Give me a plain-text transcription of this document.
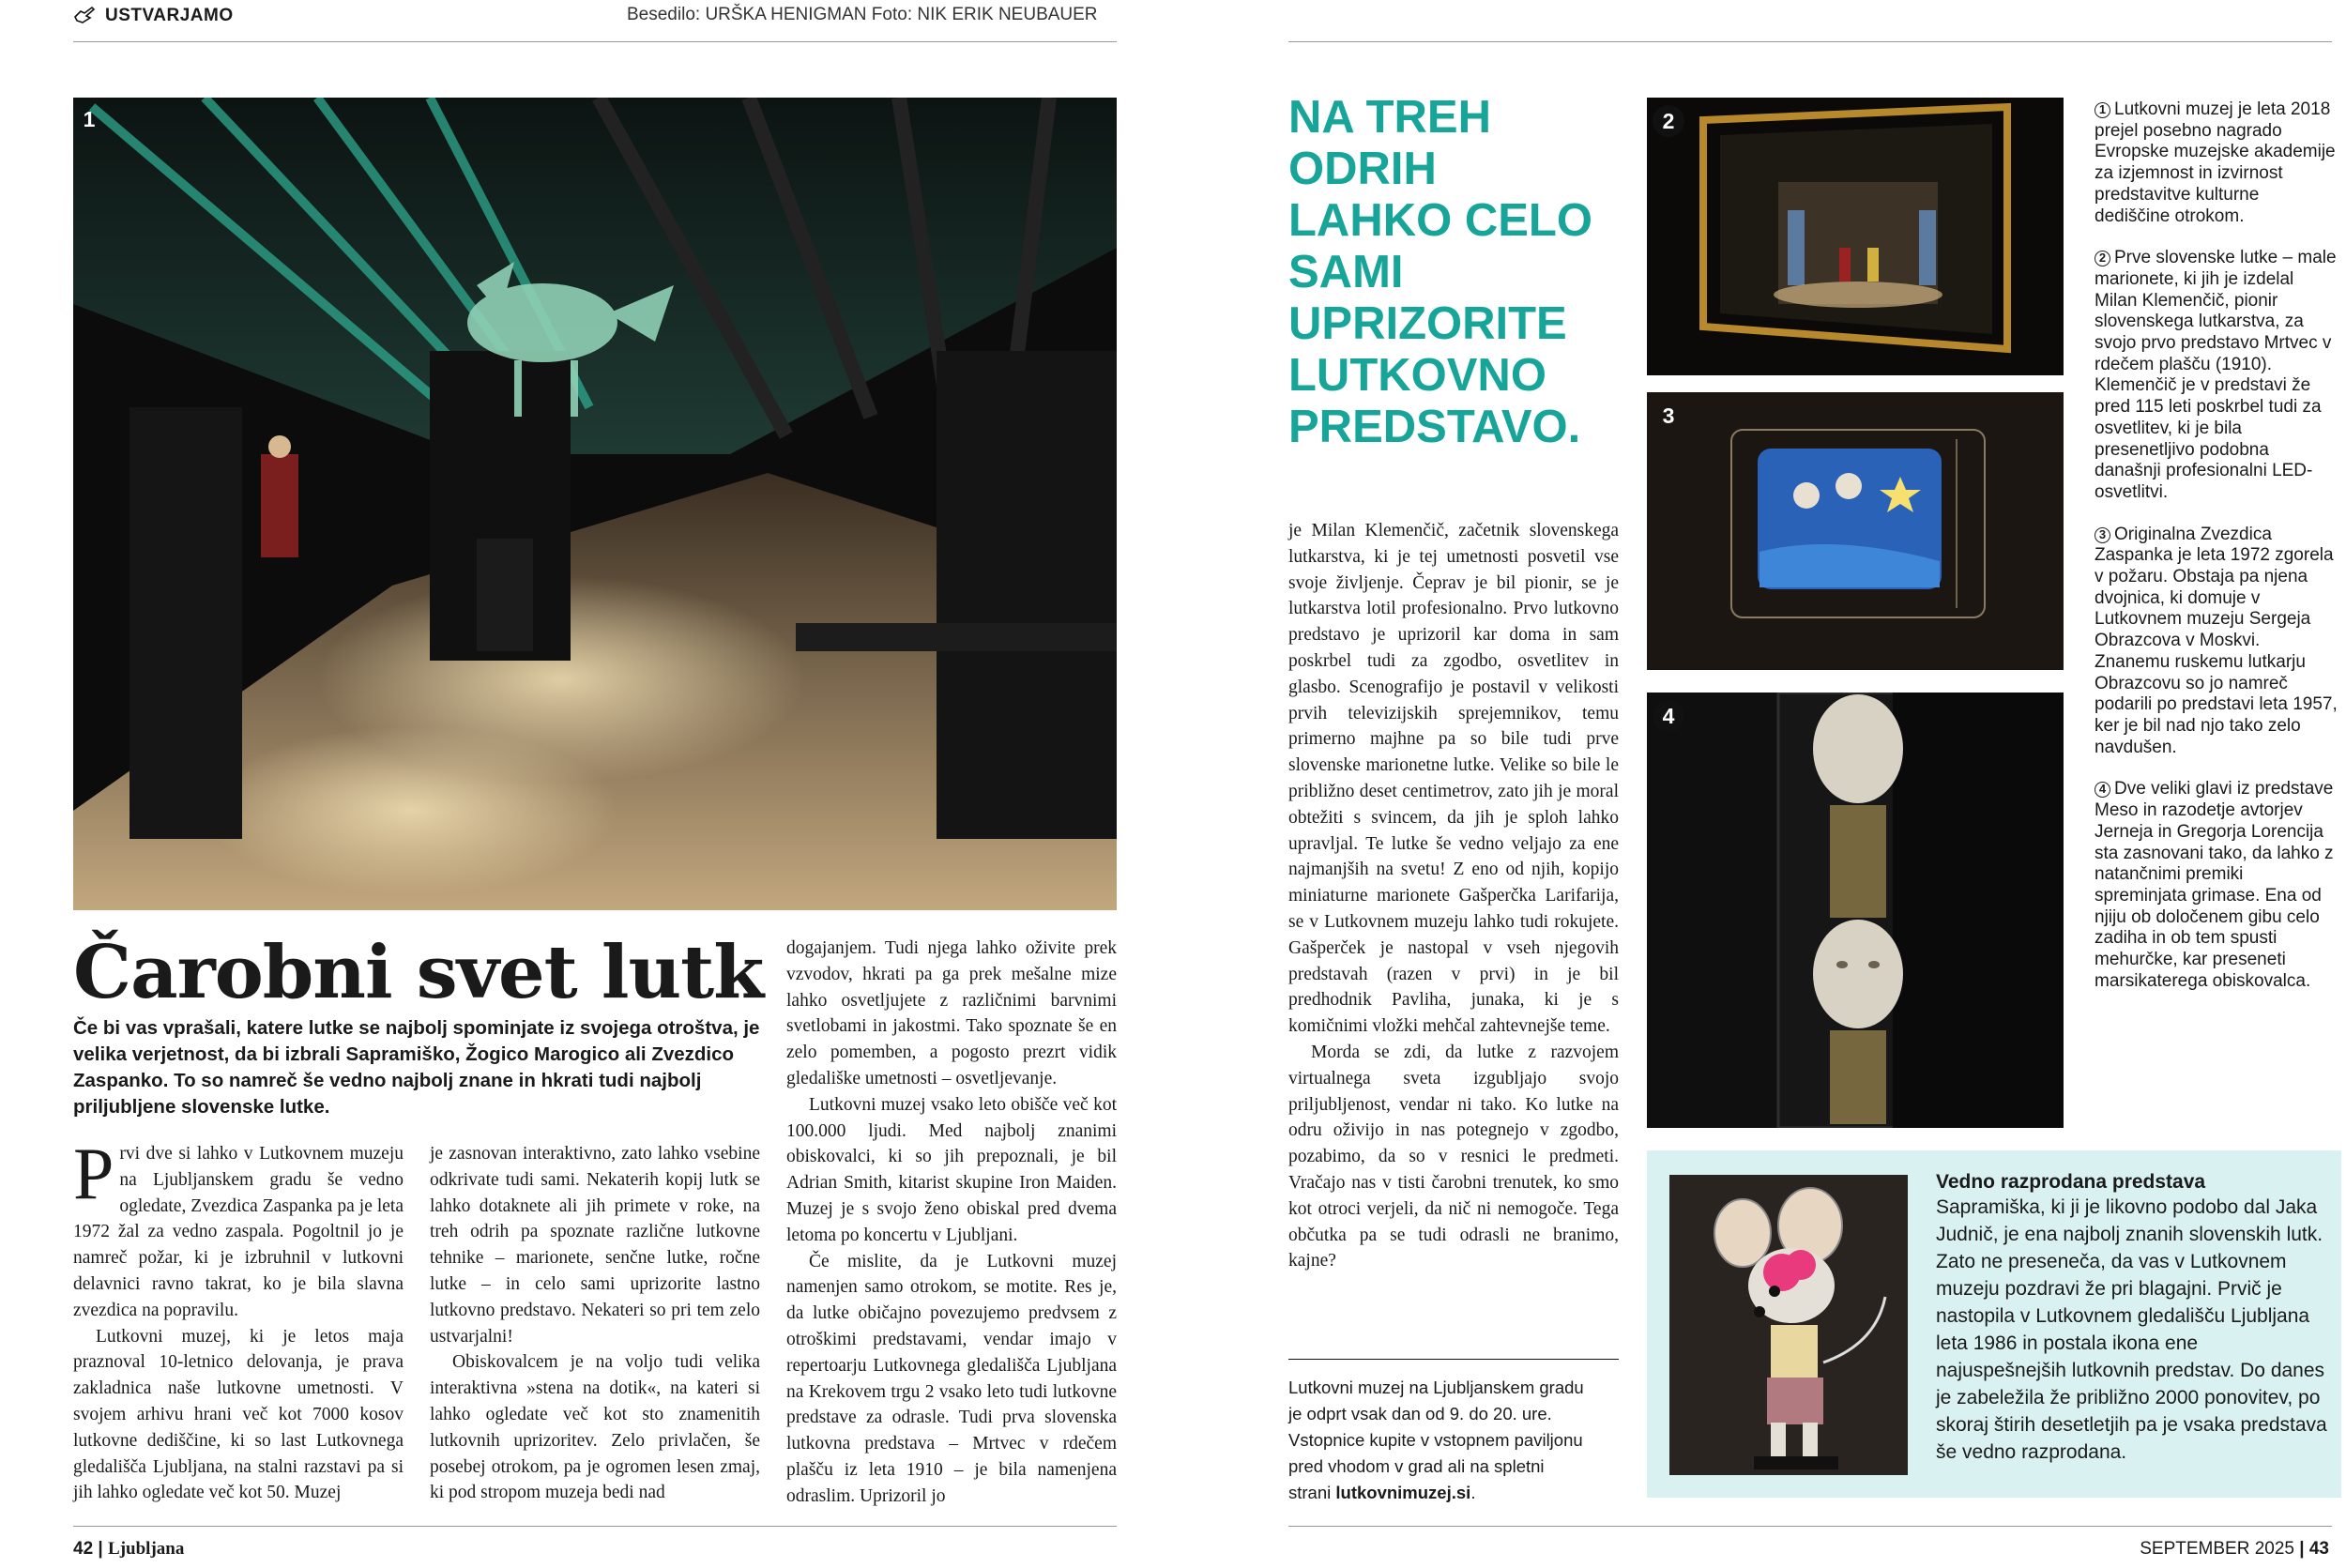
USTVARJAMO	Besedilo: URŠKA HENIGMAN Foto: NIK ERIK NEUBAUER
1
Čarobni svet lutk
Če bi vas vprašali, katere lutke se najbolj spominjate iz svojega otroštva, je velika verjetnost, da bi izbrali Sapramiško, Žogico Marogico ali Zvezdico Zaspanko. To so namreč še vedno najbolj znane in hkrati tudi najbolj priljubljene slovenske lutke.

Prvi dve si lahko v Lutkovnem muzeju na Ljubljanskem gradu še vedno ogledate, Zvezdica Zaspanka pa je leta 1972 žal za vedno zaspala. Pogoltnil jo je namreč požar, ki je izbruhnil v lutkovni delavnici ravno takrat, ko je bila slavna zvezdica na popravilu.

Lutkovni muzej, ki je letos maja praznoval 10-letnico delovanja, je prava zakladnica naše lutkovne umetnosti. V svojem arhivu hrani več kot 7000 kosov lutkovne dediščine, ki so last Lutkovnega gledališča Ljubljana, na stalni razstavi pa si jih lahko ogledate več kot 50. Muzej

je zasnovan interaktivno, zato lahko vsebine odkrivate tudi sami. Nekaterih kopij lutk se lahko dotaknete ali jih primete v roke, na treh odrih pa spoznate različne lutkovne tehnike – marionete, senčne lutke, ročne lutke – in celo sami uprizorite lastno lutkovno predstavo. Nekateri so pri tem zelo ustvarjalni!

Obiskovalcem je na voljo tudi velika interaktivna »stena na dotik«, na kateri si lahko ogledate več kot sto znamenitih lutkovnih uprizoritev. Zelo privlačen, še posebej otrokom, pa je ogromen lesen zmaj, ki pod stropom muzeja bedi nad

dogajanjem. Tudi njega lahko oživite prek vzvodov, hkrati pa ga prek mešalne mize lahko osvetljujete z različnimi barvnimi svetlobami in jakostmi. Tako spoznate še en zelo pomemben, a pogosto prezrt vidik gledališke umetnosti – osvetljevanje.

Lutkovni muzej vsako leto obišče več kot 100.000 ljudi. Med najbolj znanimi obiskovalci, ki so jih prepoznali, je bil Adrian Smith, kitarist skupine Iron Maiden. Muzej je s svojo ženo obiskal pred dvema letoma po koncertu v Ljubljani.

Če mislite, da je Lutkovni muzej namenjen samo otrokom, se motite. Res je, da lutke običajno povezujemo predvsem z otroškimi predstavami, vendar imajo v repertoarju Lutkovnega gledališča Ljubljana na Krekovem trgu 2 vsako leto tudi lutkovne predstave za odrasle. Tudi prva slovenska lutkovna predstava – Mrtvec v rdečem plašču iz leta 1910 – je bila namenjena odraslim. Uprizoril jo

42 | Ljubljana
NA TREH ODRIH LAHKO CELO SAMI UPRIZORITE LUTKOVNO PREDSTAVO.

je Milan Klemenčič, začetnik slovenskega lutkarstva, ki je tej umetnosti posvetil vse svoje življenje. Čeprav je bil pionir, se je lutkarstva lotil profesionalno. Prvo lutkovno predstavo je uprizoril kar doma in sam poskrbel tudi za zgodbo, osvetlitev in glasbo. Scenografijo je postavil v velikosti prvih televizijskih sprejemnikov, temu primerno majhne pa so bile tudi prve slovenske marionetne lutke. Velike so bile le približno deset centimetrov, zato jih je moral obtežiti s svincem, da jih je sploh lahko upravljal. Te lutke še vedno veljajo za ene najmanjših na svetu! Z eno od njih, kopijo miniaturne marionete Gašperčka Larifarija, se v Lutkovnem muzeju lahko tudi rokujete. Gašperček je nastopal v vseh njegovih predstavah (razen v prvi) in je bil predhodnik Pavliha, junaka, ki je s komičnimi vložki mehčal zahtevnejše teme.

Morda se zdi, da lutke z razvojem virtualnega sveta izgubljajo svojo priljubljenost, vendar ni tako. Ko lutke na odru oživijo in nas potegnejo v zgodbo, pozabimo, da so v resnici le predmeti. Vračajo nas v tisti čarobni trenutek, ko smo kot otroci verjeli, da nič ni nemogoče. Tega občutka pa se tudi odrasli ne branimo, kajne?

Lutkovni muzej na Ljubljanskem gradu je odprt vsak dan od 9. do 20. ure. Vstopnice kupite v vstopnem paviljonu pred vhodom v grad ali na spletni strani lutkovnimuzej.si.
2
3
4
1 Lutkovni muzej je leta 2018 prejel posebno nagrado Evropske muzejske akademije za izjemnost in izvirnost predstavitve kulturne dediščine otrokom.
2 Prve slovenske lutke – male marionete, ki jih je izdelal Milan Klemenčič, pionir slovenskega lutkarstva, za svojo prvo predstavo Mrtvec v rdečem plašču (1910). Klemenčič je v predstavi že pred 115 leti poskrbel tudi za osvetlitev, ki je bila presenetljivo podobna današnji profesionalni LED-osvetlitvi.
3 Originalna Zvezdica Zaspanka je leta 1972 zgorela v požaru. Obstaja pa njena dvojnica, ki domuje v Lutkovnem muzeju Sergeja Obrazcova v Moskvi. Znanemu ruskemu lutkarju Obrazcovu so jo namreč podarili po predstavi leta 1957, ker je bil nad njo tako zelo navdušen.
4 Dve veliki glavi iz predstave Meso in razodetje avtorjev Jerneja in Gregorja Lorencija sta zasnovani tako, da lahko z natančnimi premiki spreminjata grimase. Ena od njiju ob določenem gibu celo zadiha in ob tem spusti mehurčke, kar preseneti marsikaterega obiskovalca.
Vedno razprodana predstava
Sapramiška, ki ji je likovno podobo dal Jaka Judnič, je ena najbolj znanih slovenskih lutk. Zato ne preseneča, da vas v Lutkovnem muzeju pozdravi že pri blagajni. Prvič je nastopila v Lutkovnem gledališču Ljubljana leta 1986 in postala ikona ene najuspešnejših lutkovnih predstav. Do danes je zabeležila že približno 2000 ponovitev, po skoraj štirih desetletjih pa je vsaka predstava še vedno razprodana.
SEPTEMBER 2025 | 43
